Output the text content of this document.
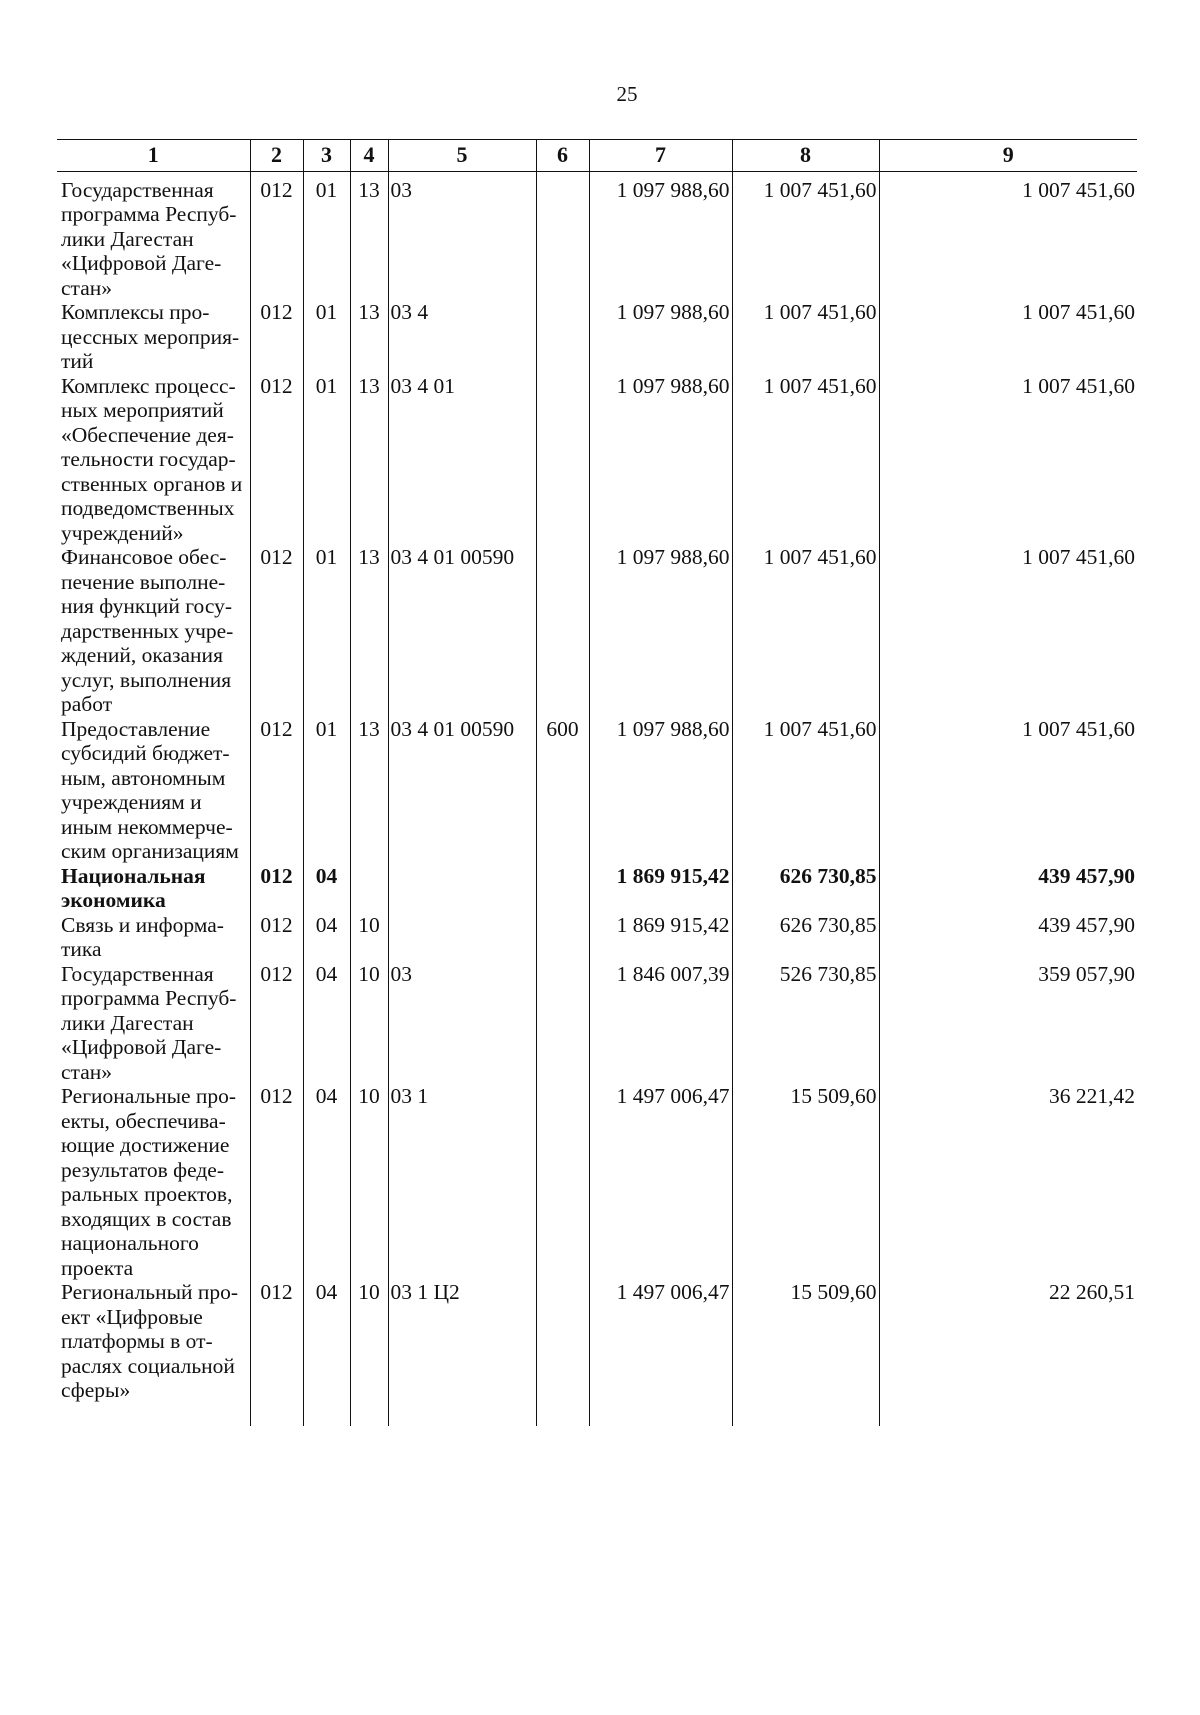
25
1	2	3	4	5	6	7	8	9
Государственная программа Респуб-лики Дагестан «Цифровой Даге-стан»	012	01	13	03		1 097 988,60	1 007 451,60	1 007 451,60
Комплексы про-цессных мероприя-тий	012	01	13	03 4		1 097 988,60	1 007 451,60	1 007 451,60
Комплекс процесс-ных мероприятий «Обеспечение дея-тельности государ-ственных органов и подведомственных учреждений»	012	01	13	03 4 01		1 097 988,60	1 007 451,60	1 007 451,60
Финансовое обес-печение выполне-ния функций госу-дарственных учре-ждений, оказания услуг, выполнения работ	012	01	13	03 4 01 00590		1 097 988,60	1 007 451,60	1 007 451,60
Предоставление субсидий бюджет-ным, автономным учреждениям и иным некоммерче-ским организациям	012	01	13	03 4 01 00590	600	1 097 988,60	1 007 451,60	1 007 451,60
Национальная экономика	012	04				1 869 915,42	626 730,85	439 457,90
Связь и информа-тика	012	04	10			1 869 915,42	626 730,85	439 457,90
Государственная программа Респуб-лики Дагестан «Цифровой Даге-стан»	012	04	10	03		1 846 007,39	526 730,85	359 057,90
Региональные про-екты, обеспечива-ющие достижение результатов феде-ральных проектов, входящих в состав национального проекта	012	04	10	03 1		1 497 006,47	15 509,60	36 221,42
Региональный про-ект «Цифровые платформы в от-раслях социальной сферы»	012	04	10	03 1 Ц2		1 497 006,47	15 509,60	22 260,51
